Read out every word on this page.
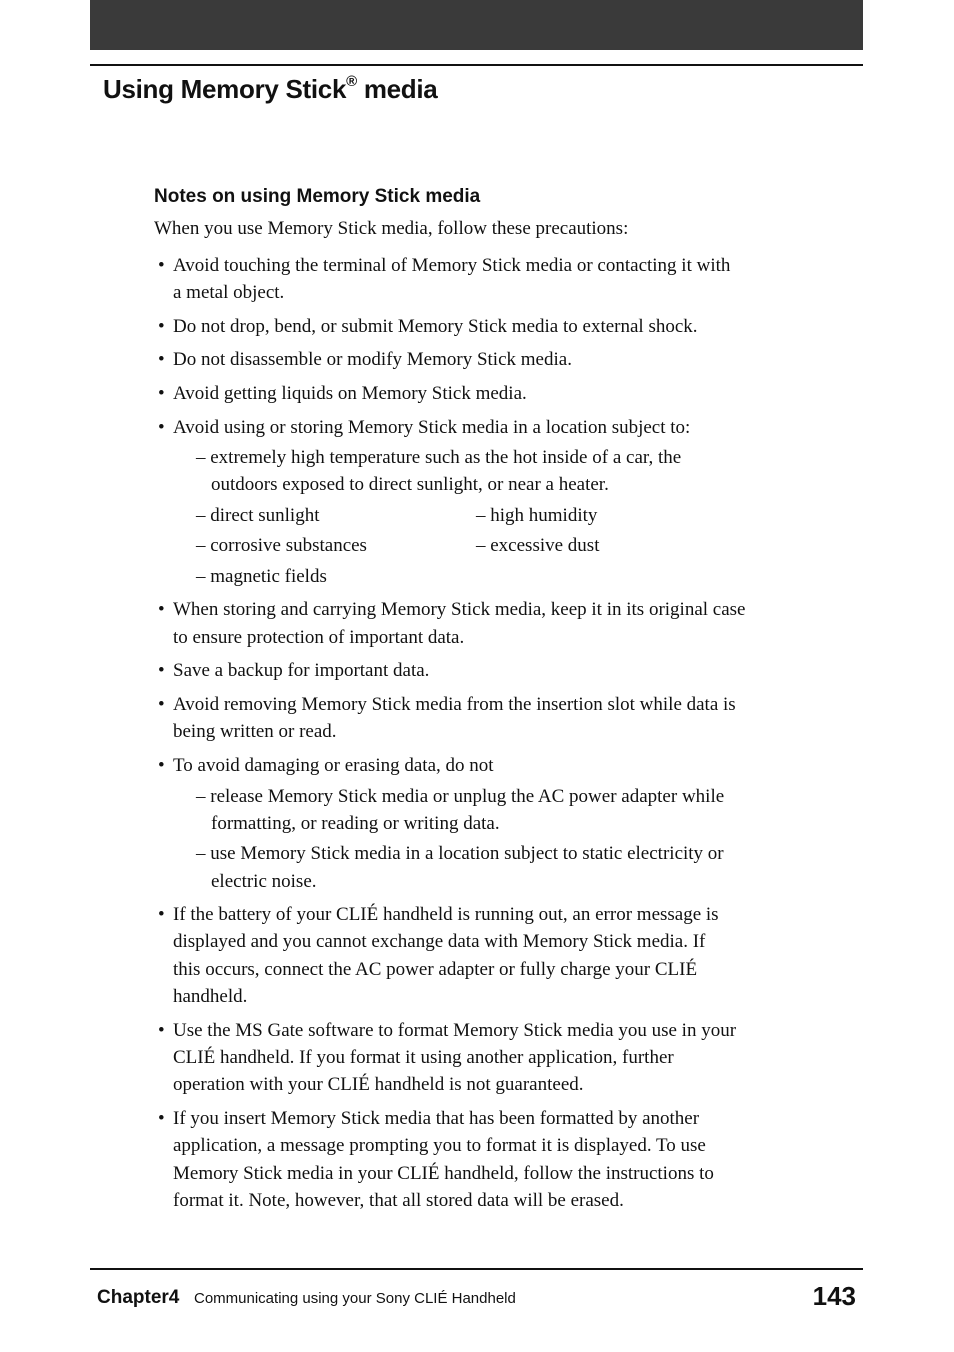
Using Memory Stick® media
Notes on using Memory Stick media
When you use Memory Stick media, follow these precautions:
• Avoid touching the terminal of Memory Stick media or contacting it with
a metal object.
• Do not drop, bend, or submit Memory Stick media to external shock.
• Do not disassemble or modify Memory Stick media.
• Avoid getting liquids on Memory Stick media.
• Avoid using or storing Memory Stick media in a location subject to:
– extremely high temperature such as the hot inside of a car, the
outdoors exposed to direct sunlight, or near a heater.
– direct sunlight	– high humidity
– corrosive substances	– excessive dust
– magnetic fields
• When storing and carrying Memory Stick media, keep it in its original case
to ensure protection of important data.
• Save a backup for important data.
• Avoid removing Memory Stick media from the insertion slot while data is
being written or read.
• To avoid damaging or erasing data, do not
– release Memory Stick media or unplug the AC power adapter while
formatting, or reading or writing data.
– use Memory Stick media in a location subject to static electricity or
electric noise.
• If the battery of your CLIÉ handheld is running out, an error message is
displayed and you cannot exchange data with Memory Stick media. If
this occurs, connect the AC power adapter or fully charge your CLIÉ
handheld.
• Use the MS Gate software to format Memory Stick media you use in your
CLIÉ handheld. If you format it using another application, further
operation with your CLIÉ handheld is not guaranteed.
• If you insert Memory Stick media that has been formatted by another
application, a message prompting you to format it is displayed. To use
Memory Stick media in your CLIÉ handheld, follow the instructions to
format it. Note, however, that all stored data will be erased.
Chapter4 Communicating using your Sony CLIÉ Handheld	143
